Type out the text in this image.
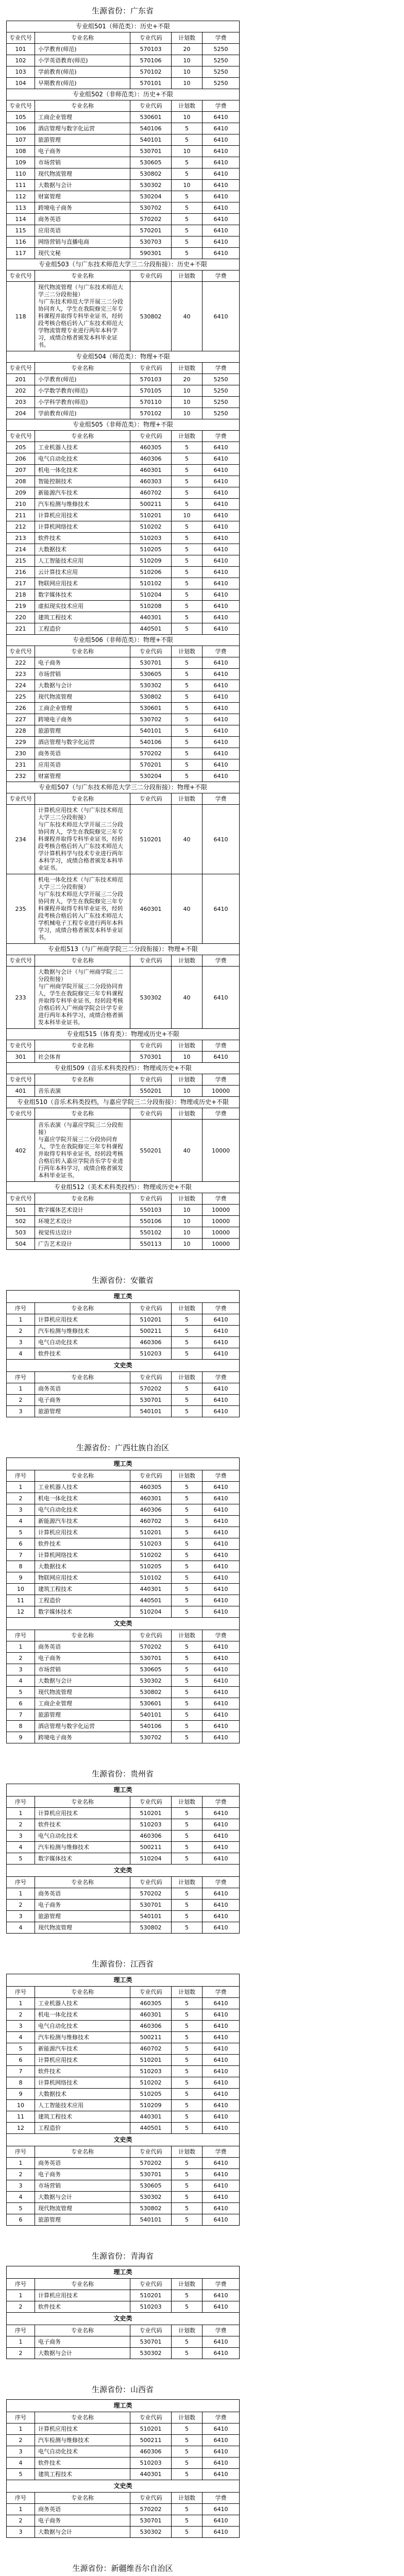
生源省份：广东省
专业组501（师范类）：历史+不限				
专业代号	专业名称	专业代码	计划数	学费
101	小学教育(师范)	570103	20	5250
102	小学英语教育(师范)	570106	10	5250
103	学前教育(师范)	570102	10	5250
104	早期教育(师范)	570101	10	5250
专业组502（非师范类）：历史+不限				
专业代号	专业名称	专业代码	计划数	学费
105	工商企业管理	530601	10	6410
106	酒店管理与数字化运营	540106	5	6410
107	旅游管理	540101	5	6410
108	电子商务	530701	10	6410
109	市场营销	530605	5	6410
110	现代物流管理	530802	5	6410
111	大数据与会计	530302	10	6410
112	财富管理	530204	5	6410
113	跨境电子商务	530702	5	6410
114	商务英语	570202	5	6410
115	应用英语	570201	5	6410
116	网络营销与直播电商	530703	5	6410
117	现代文秘	590301	5	6410
专业组503（与广东技术师范大学三二分段衔接）：历史+不限				
专业代号	专业名称	专业代码	计划数	学费
118	现代物流管理（与广东技术师范大学三二分段衔接）
与广东技术师范大学开展三二分段协同育人，学生在我院修完三年专科课程并取得专科毕业证书，经转段考核合格后转入广东技术师范大学物流管理专业进行两年本科学习，成绩合格者颁发本科毕业证书。	530802	40	6410
专业组504（师范类）：物理+不限				
专业代号	专业名称	专业代码	计划数	学费
201	小学教育(师范)	570103	20	5250
202	小学数学教育(师范)	570105	10	5250
203	小学科学教育(师范)	570110	10	5250
204	学前教育(师范)	570102	10	5250
专业组505（非师范类）：物理+不限				
专业代号	专业名称	专业代码	计划数	学费
205	工业机器人技术	460305	5	6410
206	电气自动化技术	460306	5	6410
207	机电一体化技术	460301	5	6410
208	智能控制技术	460303	5	6410
209	新能源汽车技术	460702	5	6410
210	汽车检测与维修技术	500211	5	6410
211	计算机应用技术	510201	10	6410
212	计算机网络技术	510202	5	6410
213	软件技术	510203	5	6410
214	大数据技术	510205	5	6410
215	人工智能技术应用	510209	5	6410
216	云计算技术应用	510206	5	6410
217	物联网应用技术	510102	5	6410
218	数字媒体技术	510204	5	6410
219	虚拟现实技术应用	510208	5	6410
220	建筑工程技术	440301	5	6410
221	工程造价	440501	5	6410
专业组506（非师范类）：物理+不限				
专业代号	专业名称	专业代码	计划数	学费
222	电子商务	530701	5	6410
223	市场营销	530605	5	6410
224	大数据与会计	530302	5	6410
225	现代物流管理	530802	5	6410
226	工商企业管理	530601	5	6410
227	跨境电子商务	530702	5	6410
228	旅游管理	540101	5	6410
229	酒店管理与数字化运营	540106	5	6410
230	商务英语	570202	5	6410
231	应用英语	570201	5	6410
232	财富管理	530204	5	6410
专业组507（与广东技术师范大学三二分段衔接）：物理+不限				
专业代号	专业名称	专业代码	计划数	学费
234	计算机应用技术（与广东技术师范大学三二分段衔接）
与广东技术师范大学开展三二分段协同育人，学生在我院修完三年专科课程并取得专科毕业证书，经转段考核合格后转入广东技术师范大学计算机科学与技术专业进行两年本科学习，成绩合格者颁发本科毕业证书。	510201	40	6410
235	机电一体化技术（与广东技术师范大学三二分段衔接）
与广东技术师范大学开展三二分段协同育人，学生在我院修完三年专科课程并取得专科毕业证书，经转段考核合格后转入广东技术师范大学机械电子工程专业进行两年本科学习，成绩合格者颁发本科毕业证书。	460301	40	6410
专业组513（与广州商学院三二分段衔接）：物理+不限				
专业代号	专业名称	专业代码	计划数	学费
233	大数据与会计（与广州商学院三二分段衔接）
与广州商学院开展三二分段协同育人，学生在我院修完三年专科课程并取得专科毕业证书，经转段考核合格后转入广州商学院会计学专业进行两年本科学习，成绩合格者颁发本科毕业证书。	530302	40	6410
专业组515（体育类）：物理或历史+不限				
专业代号	专业名称	专业代码	计划数	学费
301	社会体育	570301	10	6410
专业组509（音乐术科类投档）：物理或历史+不限				
专业代号	专业名称	专业代码	计划数	学费
401	音乐表演	550201	10	10000
专业组510（音乐术科类投档，与嘉应学院三二分段衔接）：物理或历史+不限				
专业代号	专业名称	专业代码	计划数	学费
402	音乐表演（与嘉应学院三二分段衔接）
与嘉应学院开展三二分段协同育人，学生在我院修完三年专科课程并取得专科毕业证书，经转段考核合格后转入嘉应学院音乐学专业进行两年本科学习，成绩合格者颁发本科毕业证书。	550201	40	10000
专业组512（美术术科类投档）：物理或历史+不限				
专业代号	专业名称	专业代码	计划数	学费
501	数字媒体艺术设计	550103	10	10000
502	环境艺术设计	550106	10	10000
503	视觉传达设计	550102	10	10000
504	广告艺术设计	550113	10	10000
生源省份：安徽省
理工类				
序号	专业名称	专业代码	计划数	学费
1	计算机应用技术	510201	5	6410
2	汽车检测与维修技术	500211	5	6410
3	电气自动化技术	460306	5	6410
4	软件技术	510203	5	6410
文史类				
序号	专业名称	专业代码	计划数	学费
1	商务英语	570202	5	6410
2	电子商务	530701	5	6410
3	旅游管理	540101	5	6410
生源省份：广西壮族自治区
理工类				
序号	专业名称	专业代码	计划数	学费
1	工业机器人技术	460305	5	6410
2	机电一体化技术	460301	5	6410
3	电气自动化技术	460306	5	6410
4	新能源汽车技术	460702	5	6410
5	计算机应用技术	510201	5	6410
6	软件技术	510203	5	6410
7	计算机网络技术	510202	5	6410
8	大数据技术	510205	5	6410
9	物联网应用技术	510102	5	6410
10	建筑工程技术	440301	5	6410
11	工程造价	440501	5	6410
12	数字媒体技术	510204	5	6410
文史类				
序号	专业名称	专业代码	计划数	学费
1	商务英语	570202	5	6410
2	电子商务	530701	5	6410
3	市场营销	530605	5	6410
4	大数据与会计	530302	5	6410
5	现代物流管理	530802	5	6410
6	工商企业管理	530601	5	6410
7	旅游管理	540101	5	6410
8	酒店管理与数字化运营	540106	5	6410
9	跨境电子商务	530702	5	6410
生源省份：贵州省
理工类				
序号	专业名称	专业代码	计划数	学费
1	计算机应用技术	510201	5	6410
2	软件技术	510203	5	6410
3	电气自动化技术	460306	5	6410
4	汽车检测与维修技术	500211	5	6410
5	数字媒体技术	510204	5	6410
文史类				
序号	专业名称	专业代码	计划数	学费
1	商务英语	570202	5	6410
2	电子商务	530701	5	6410
3	旅游管理	540101	5	6410
4	现代物流管理	530802	5	6410
生源省份：江西省
理工类				
序号	专业名称	专业代码	计划数	学费
1	工业机器人技术	460305	5	6410
2	机电一体化技术	460301	5	6410
3	电气自动化技术	460306	5	6410
4	汽车检测与维修技术	500211	5	6410
5	新能源汽车技术	460702	5	6410
6	计算机应用技术	510201	5	6410
7	软件技术	510203	5	6410
8	计算机网络技术	510202	5	6410
9	大数据技术	510205	5	6410
10	人工智能技术应用	510209	5	6410
11	建筑工程技术	440301	5	6410
12	工程造价	440501	5	6410
文史类				
序号	专业名称	专业代码	计划数	学费
1	商务英语	570202	5	6410
2	电子商务	530701	5	6410
3	市场营销	530605	5	6410
4	大数据与会计	530302	5	6410
5	现代物流管理	530802	5	6410
6	旅游管理	540101	5	6410
生源省份：青海省
理工类				
序号	专业名称	专业代码	计划数	学费
1	计算机应用技术	510201	5	6410
2	软件技术	510203	5	6410
文史类				
序号	专业名称	专业代码	计划数	学费
1	电子商务	530701	5	6410
2	大数据与会计	530302	5	6410
生源省份：山西省
理工类				
序号	专业名称	专业代码	计划数	学费
1	计算机应用技术	510201	5	6410
2	汽车检测与维修技术	500211	5	6410
3	电气自动化技术	460306	5	6410
4	软件技术	510203	5	6410
5	建筑工程技术	440301	5	6410
文史类				
序号	专业名称	专业代码	计划数	学费
1	商务英语	570202	5	6410
2	电子商务	530701	5	6410
3	大数据与会计	530302	5	6410
生源省份：新疆维吾尔自治区
